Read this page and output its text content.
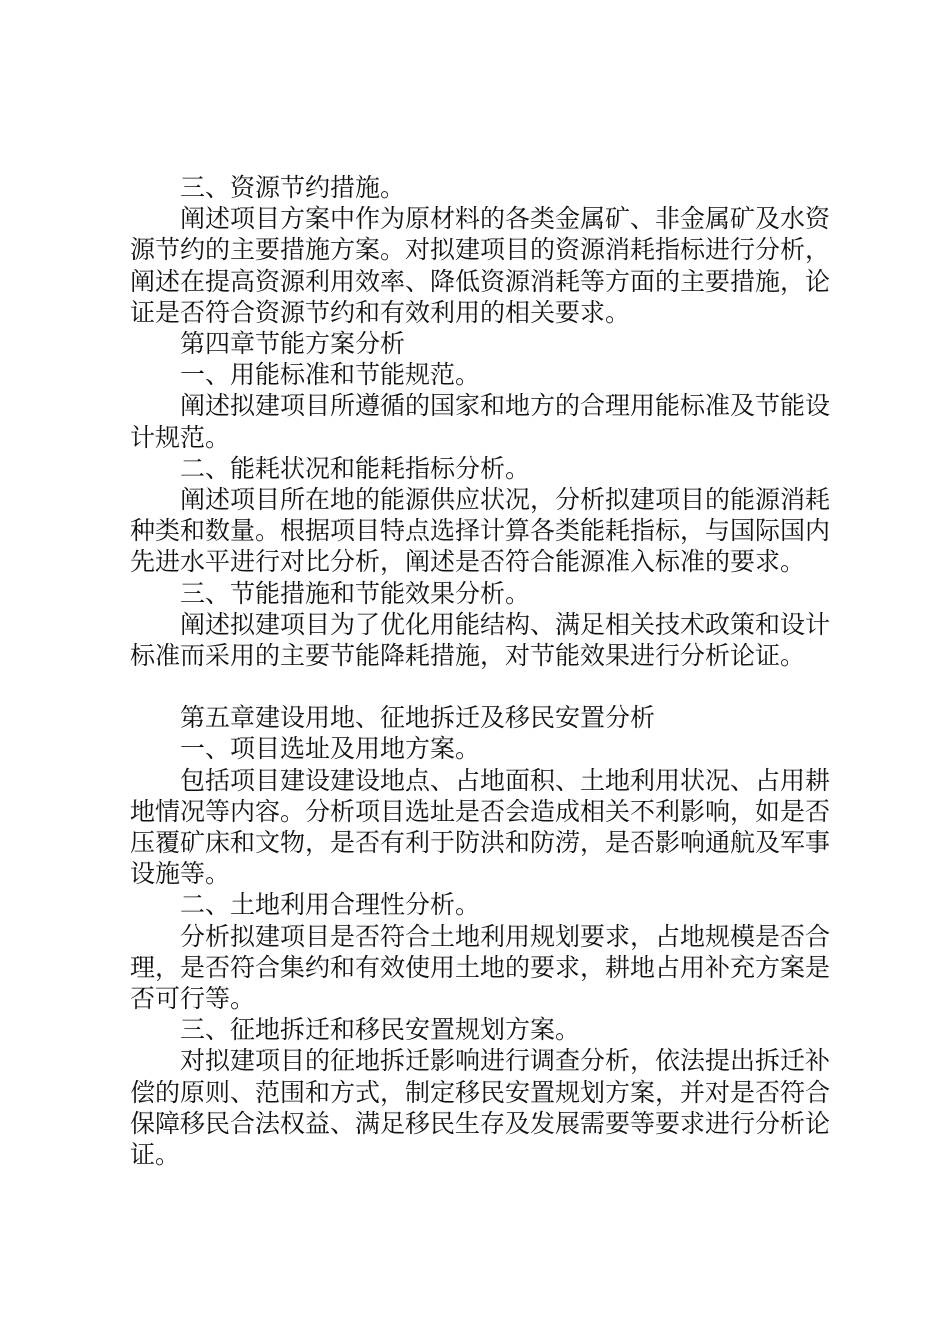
三、资源节约措施。

阐述项目方案中作为原材料的各类金属矿、非金属矿及水资源节约的主要措施方案。对拟建项目的资源消耗指标进行分析，阐述在提高资源利用效率、降低资源消耗等方面的主要措施，论证是否符合资源节约和有效利用的相关要求。

第四章节能方案分析

一、用能标准和节能规范。

阐述拟建项目所遵循的国家和地方的合理用能标准及节能设计规范。

二、能耗状况和能耗指标分析。

阐述项目所在地的能源供应状况，分析拟建项目的能源消耗种类和数量。根据项目特点选择计算各类能耗指标，与国际国内先进水平进行对比分析，阐述是否符合能源准入标准的要求。

三、节能措施和节能效果分析。

阐述拟建项目为了优化用能结构、满足相关技术政策和设计标准而采用的主要节能降耗措施，对节能效果进行分析论证。

第五章建设用地、征地拆迁及移民安置分析

一、项目选址及用地方案。

包括项目建设建设地点、占地面积、土地利用状况、占用耕地情况等内容。分析项目选址是否会造成相关不利影响，如是否压覆矿床和文物，是否有利于防洪和防涝，是否影响通航及军事设施等。

二、土地利用合理性分析。

分析拟建项目是否符合土地利用规划要求，占地规模是否合理，是否符合集约和有效使用土地的要求，耕地占用补充方案是否可行等。

三、征地拆迁和移民安置规划方案。

对拟建项目的征地拆迁影响进行调查分析，依法提出拆迁补偿的原则、范围和方式，制定移民安置规划方案，并对是否符合保障移民合法权益、满足移民生存及发展需要等要求进行分析论证。
